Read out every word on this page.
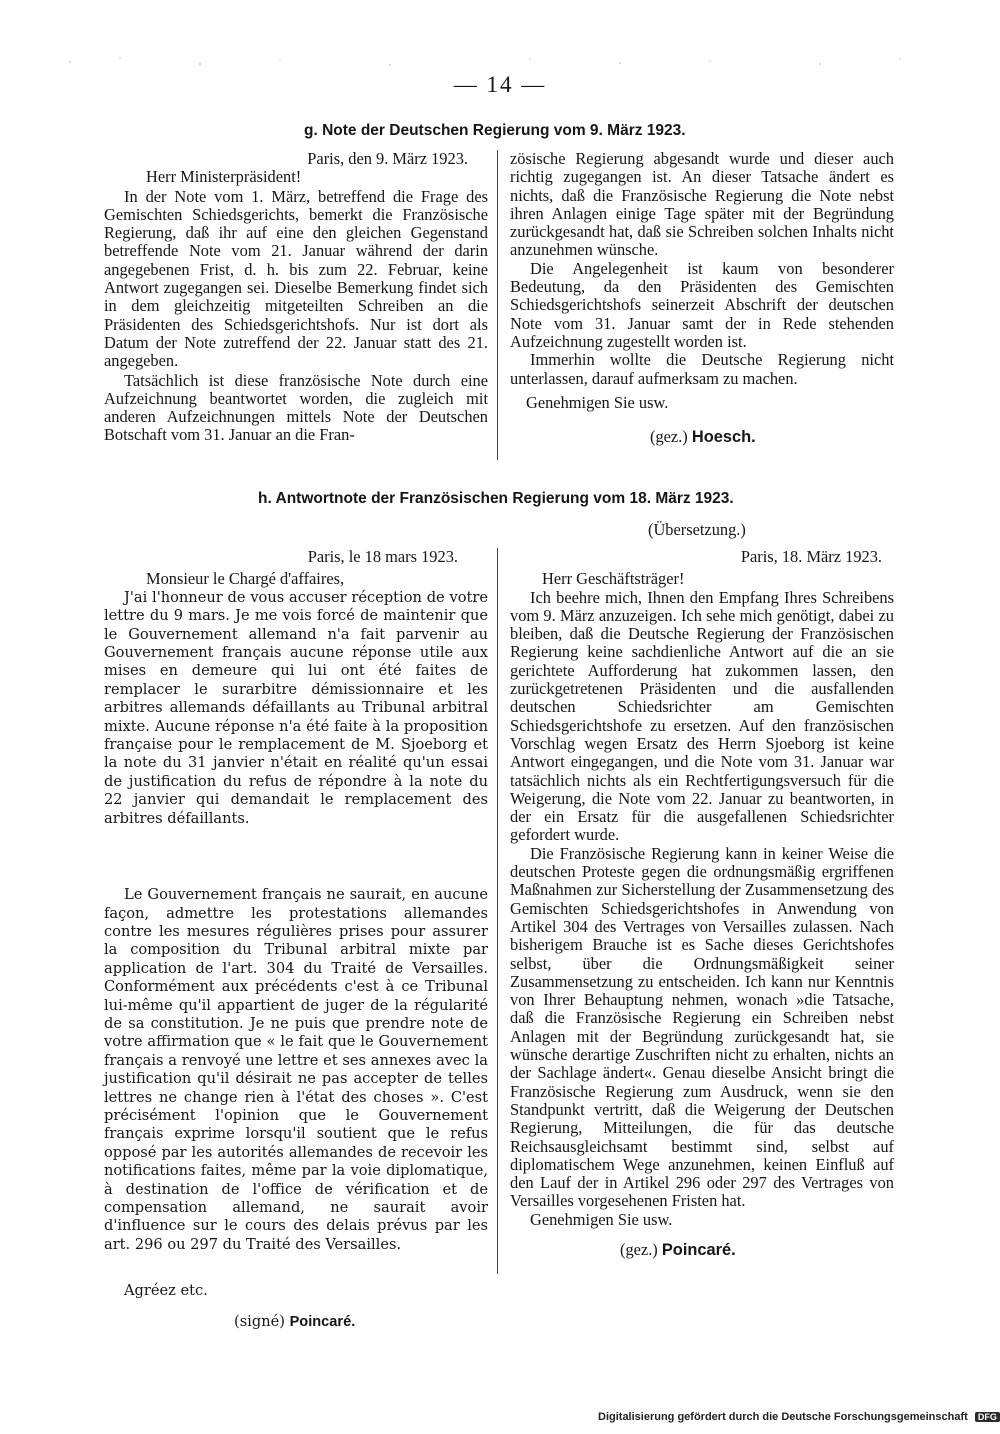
— 14 —
g. Note der Deutschen Regierung vom 9. März 1923.
Paris, den 9. März 1923.
Herr Ministerpräsident!

In der Note vom 1. März, betreffend die Frage des Gemischten Schiedsgerichts, bemerkt die Französische Regierung, daß ihr auf eine den gleichen Gegenstand betreffende Note vom 21. Januar während der darin angegebenen Frist, d. h. bis zum 22. Februar, keine Antwort zugegangen sei. Dieselbe Bemerkung findet sich in dem gleichzeitig mitgeteilten Schreiben an die Präsidenten des Schiedsgerichtshofs. Nur ist dort als Datum der Note zutreffend der 22. Januar statt des 21. angegeben.

Tatsächlich ist diese französische Note durch eine Aufzeichnung beantwortet worden, die zugleich mit anderen Aufzeichnungen mittels Note der Deutschen Botschaft vom 31. Januar an die Fran-

zösische Regierung abgesandt wurde und dieser auch richtig zugegangen ist. An dieser Tatsache ändert es nichts, daß die Französische Regierung die Note nebst ihren Anlagen einige Tage später mit der Begründung zurückgesandt hat, daß sie Schreiben solchen Inhalts nicht anzunehmen wünsche.

Die Angelegenheit ist kaum von besonderer Bedeutung, da den Präsidenten des Gemischten Schiedsgerichtshofs seinerzeit Abschrift der deutschen Note vom 31. Januar samt der in Rede stehenden Aufzeichnung zugestellt worden ist.

Immerhin wollte die Deutsche Regierung nicht unterlassen, darauf aufmerksam zu machen.

Genehmigen Sie usw.
(gez.) Hoesch.
h. Antwortnote der Französischen Regierung vom 18. März 1923.
(Übersetzung.)
Paris, le 18 mars 1923.
Monsieur le Chargé d'affaires,

J'ai l'honneur de vous accuser réception de votre lettre du 9 mars. Je me vois forcé de maintenir que le Gouvernement allemand n'a fait parvenir au Gouvernement français aucune réponse utile aux mises en demeure qui lui ont été faites de remplacer le surarbitre démissionnaire et les arbitres allemands défaillants au Tribunal arbitral mixte. Aucune réponse n'a été faite à la proposition française pour le remplacement de M. Sjoeborg et la note du 31 janvier n'était en réalité qu'un essai de justification du refus de répondre à la note du 22 janvier qui demandait le remplacement des arbitres défaillants.

Le Gouvernement français ne saurait, en aucune façon, admettre les protestations allemandes contre les mesures régulières prises pour assurer la composition du Tribunal arbitral mixte par application de l'art. 304 du Traité de Versailles. Conformément aux précédents c'est à ce Tribunal lui-même qu'il appartient de juger de la régularité de sa constitution. Je ne puis que prendre note de votre affirmation que « le fait que le Gouvernement français a renvoyé une lettre et ses annexes avec la justification qu'il désirait ne pas accepter de telles lettres ne change rien à l'état des choses ». C'est précisément l'opinion que le Gouvernement français exprime lorsqu'il soutient que le refus opposé par les autorités allemandes de recevoir les notifications faites, même par la voie diplomatique, à destination de l'office de vérification et de compensation allemand, ne saurait avoir d'influence sur le cours des delais prévus par les art. 296 ou 297 du Traité des Versailles.

Agréez etc.
(signé) Poincaré.
Paris, 18. März 1923.
Herr Geschäftsträger!

Ich beehre mich, Ihnen den Empfang Ihres Schreibens vom 9. März anzuzeigen. Ich sehe mich genötigt, dabei zu bleiben, daß die Deutsche Regierung der Französischen Regierung keine sachdienliche Antwort auf die an sie gerichtete Aufforderung hat zukommen lassen, den zurückgetretenen Präsidenten und die ausfallenden deutschen Schiedsrichter am Gemischten Schiedsgerichtshofe zu ersetzen. Auf den französischen Vorschlag wegen Ersatz des Herrn Sjoeborg ist keine Antwort eingegangen, und die Note vom 31. Januar war tatsächlich nichts als ein Rechtfertigungsversuch für die Weigerung, die Note vom 22. Januar zu beantworten, in der ein Ersatz für die ausgefallenen Schiedsrichter gefordert wurde.

Die Französische Regierung kann in keiner Weise die deutschen Proteste gegen die ordnungsmäßig ergriffenen Maßnahmen zur Sicherstellung der Zusammensetzung des Gemischten Schiedsgerichtshofes in Anwendung von Artikel 304 des Vertrages von Versailles zulassen. Nach bisherigem Brauche ist es Sache dieses Gerichtshofes selbst, über die Ordnungsmäßigkeit seiner Zusammensetzung zu entscheiden. Ich kann nur Kenntnis von Ihrer Behauptung nehmen, wonach »die Tatsache, daß die Französische Regierung ein Schreiben nebst Anlagen mit der Begründung zurückgesandt hat, sie wünsche derartige Zuschriften nicht zu erhalten, nichts an der Sachlage ändert«. Genau dieselbe Ansicht bringt die Französische Regierung zum Ausdruck, wenn sie den Standpunkt vertritt, daß die Weigerung der Deutschen Regierung, Mitteilungen, die für das deutsche Reichsausgleichsamt bestimmt sind, selbst auf diplomatischem Wege anzunehmen, keinen Einfluß auf den Lauf der in Artikel 296 oder 297 des Vertrages von Versailles vorgesehenen Fristen hat.

Genehmigen Sie usw.
(gez.) Poincaré.
Digitalisierung gefördert durch die Deutsche Forschungsgemeinschaft DFG
